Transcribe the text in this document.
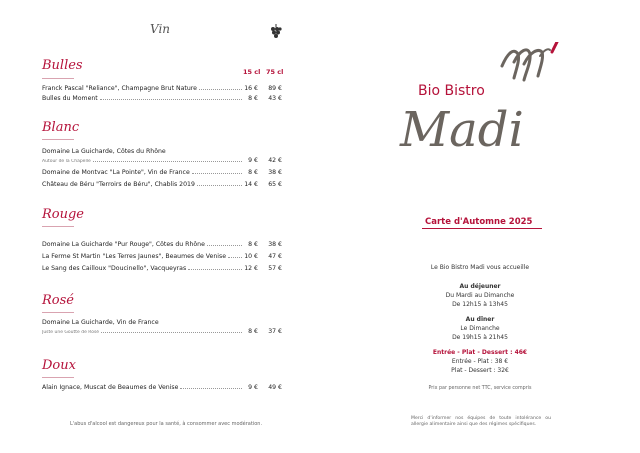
Vin
Bulles	15 cl 75 cl
Franck Pascal "Reliance", Champagne Brut Nature	16 €	89 €
Bulles du Moment	8 €	43 €
Blanc
Domaine La Guicharde, Côtes du Rhône
Autour de la Chapelle	9 €	42 €
Domaine de Montvac "La Pointe", Vin de France	8 €	38 €
Château de Béru "Terroirs de Béru", Chablis 2019	14 €	65 €
Rouge
Domaine La Guicharde "Pur Rouge", Côtes du Rhône	8 €	38 €
La Ferme St Martin "Les Terres Jaunes", Beaumes de Venise	10 €	47 €
Le Sang des Cailloux "Doucinello", Vacqueyras	12 €	57 €
Rosé
Domaine La Guicharde, Vin de France
Juste une Goutte de Rosé	8 €	37 €
Doux
Alain Ignace, Muscat de Beaumes de Venise	9 €	49 €
L'abus d'alcool est dangereux pour la santé, à consommer avec modération.
Bio Bistro
Madi
Carte d'Automne 2025
Le Bio Bistro Madi vous accueille
Au déjeuner
Du Mardi au Dimanche
De 12h15 à 13h45
Au dîner
Le Dimanche
De 19h15 à 21h45
Entrée - Plat - Dessert : 46€
Entrée - Plat : 38 €
Plat - Dessert : 32€
Prix par personne net TTC, service compris
Merci d'informer nos équipes de toute intolérance ou allergie alimentaire ainsi que des régimes spécifiques.
